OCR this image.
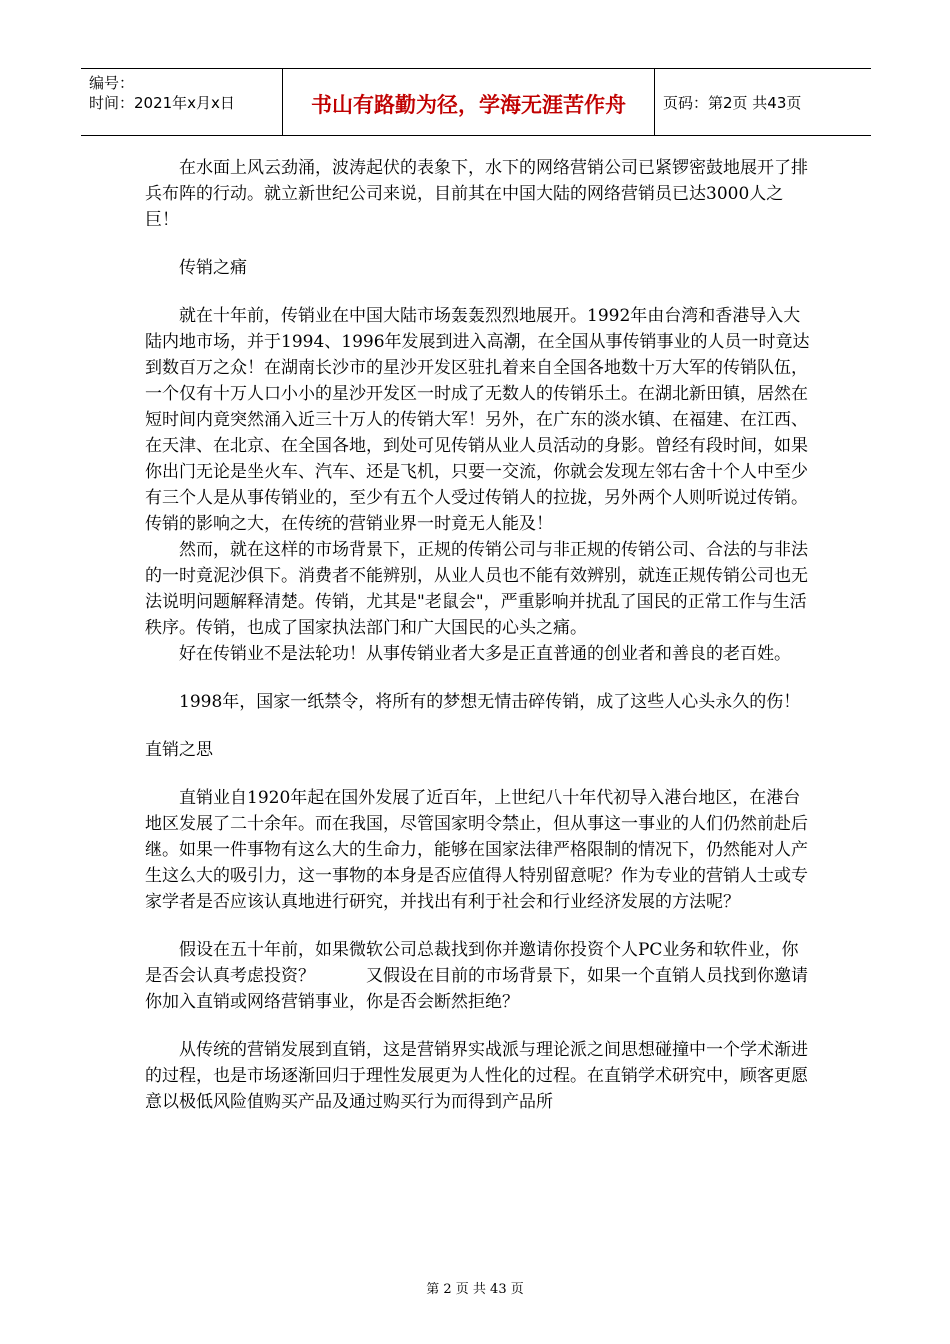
编号：
时间：2021年x月x日	书山有路勤为径，学海无涯苦作舟	页码：第2页 共43页

在水面上风云劲涌，波涛起伏的表象下，水下的网络营销公司已紧锣密鼓地展开了排兵布阵的行动。就立新世纪公司来说，目前其在中国大陆的网络营销员已达3000人之巨！

传销之痛

就在十年前，传销业在中国大陆市场轰轰烈烈地展开。1992年由台湾和香港导入大陆内地市场，并于1994、1996年发展到进入高潮，在全国从事传销事业的人员一时竟达到数百万之众！在湖南长沙市的星沙开发区驻扎着来自全国各地数十万大军的传销队伍，一个仅有十万人口小小的星沙开发区一时成了无数人的传销乐土。在湖北新田镇，居然在短时间内竟突然涌入近三十万人的传销大军！另外，在广东的淡水镇、在福建、在江西、在天津、在北京、在全国各地，到处可见传销从业人员活动的身影。曾经有段时间，如果你出门无论是坐火车、汽车、还是飞机，只要一交流，你就会发现左邻右舍十个人中至少有三个人是从事传销业的，至少有五个人受过传销人的拉拢，另外两个人则听说过传销。传销的影响之大，在传统的营销业界一时竟无人能及！

然而，就在这样的市场背景下，正规的传销公司与非正规的传销公司、合法的与非法的一时竟泥沙俱下。消费者不能辨别，从业人员也不能有效辨别，就连正规传销公司也无法说明问题解释清楚。传销，尤其是"老鼠会"，严重影响并扰乱了国民的正常工作与生活秩序。传销，也成了国家执法部门和广大国民的心头之痛。

好在传销业不是法轮功！从事传销业者大多是正直普通的创业者和善良的老百姓。

1998年，国家一纸禁令，将所有的梦想无情击碎传销，成了这些人心头永久的伤！

直销之思

直销业自1920年起在国外发展了近百年，上世纪八十年代初导入港台地区，在港台地区发展了二十余年。而在我国，尽管国家明令禁止，但从事这一事业的人们仍然前赴后继。如果一件事物有这么大的生命力，能够在国家法律严格限制的情况下，仍然能对人产生这么大的吸引力，这一事物的本身是否应值得人特别留意呢？作为专业的营销人士或专家学者是否应该认真地进行研究，并找出有利于社会和行业经济发展的方法呢？

假设在五十年前，如果微软公司总裁找到你并邀请你投资个人PC业务和软件业，你是否会认真考虑投资？　　　又假设在目前的市场背景下，如果一个直销人员找到你邀请你加入直销或网络营销事业，你是否会断然拒绝？

从传统的营销发展到直销，这是营销界实战派与理论派之间思想碰撞中一个学术渐进的过程，也是市场逐渐回归于理性发展更为人性化的过程。在直销学术研究中，顾客更愿意以极低风险值购买产品及通过购买行为而得到产品所

第 2 页 共 43 页
